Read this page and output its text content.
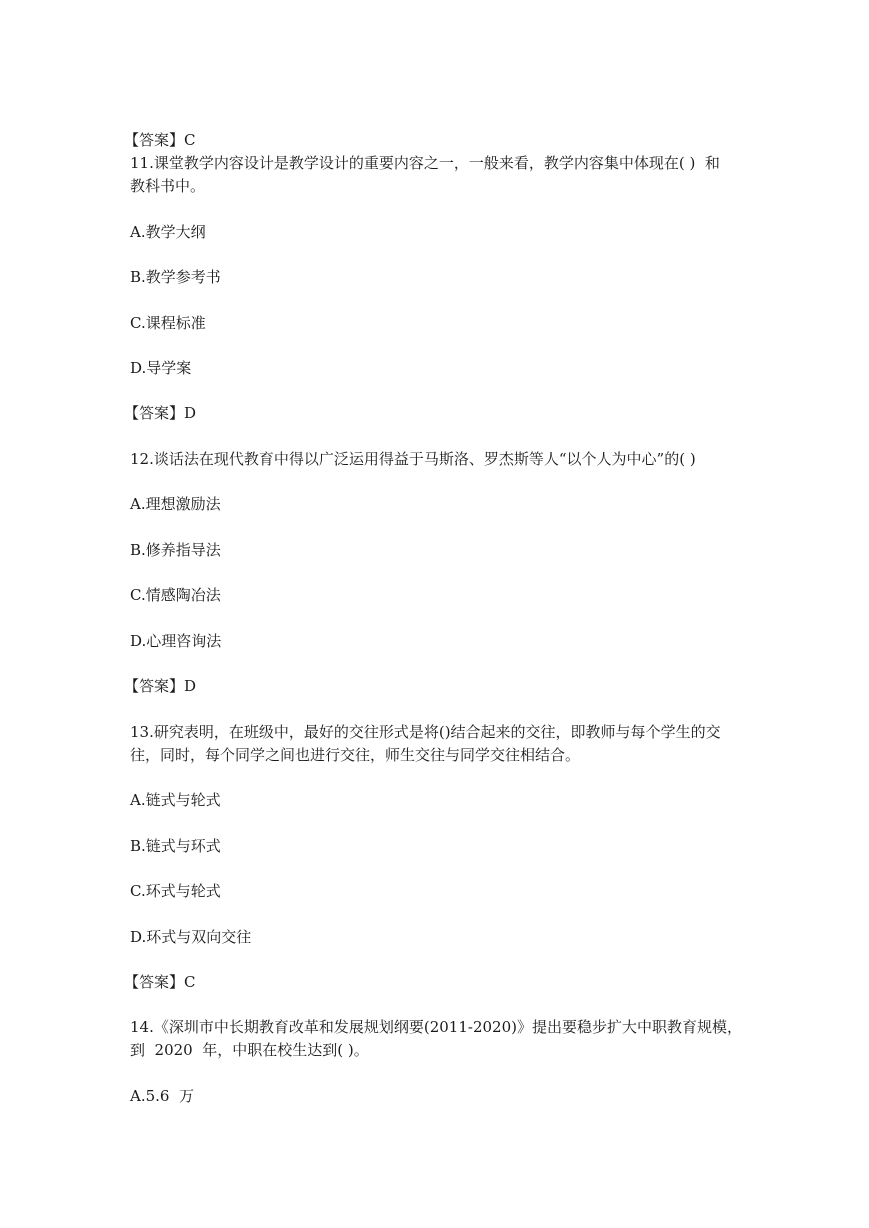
【答案】C
11.课堂教学内容设计是教学设计的重要内容之一，一般来看，教学内容集中体现在( )  和
教科书中。
A.教学大纲
B.教学参考书
C.课程标准
D.导学案
【答案】D
12.谈话法在现代教育中得以广泛运用得益于马斯洛、罗杰斯等人“以个人为中心”的( )
A.理想激励法
B.修养指导法
C.情感陶冶法
D.心理咨询法
【答案】D
13.研究表明，在班级中，最好的交往形式是将()结合起来的交往，即教师与每个学生的交
往，同时，每个同学之间也进行交往，师生交往与同学交往相结合。
A.链式与轮式
B.链式与环式
C.环式与轮式
D.环式与双向交往
【答案】C
14.《深圳市中长期教育改革和发展规划纲要(2011-2020)》提出要稳步扩大中职教育规模，
到  2020  年，中职在校生达到( )。
A.5.6  万
